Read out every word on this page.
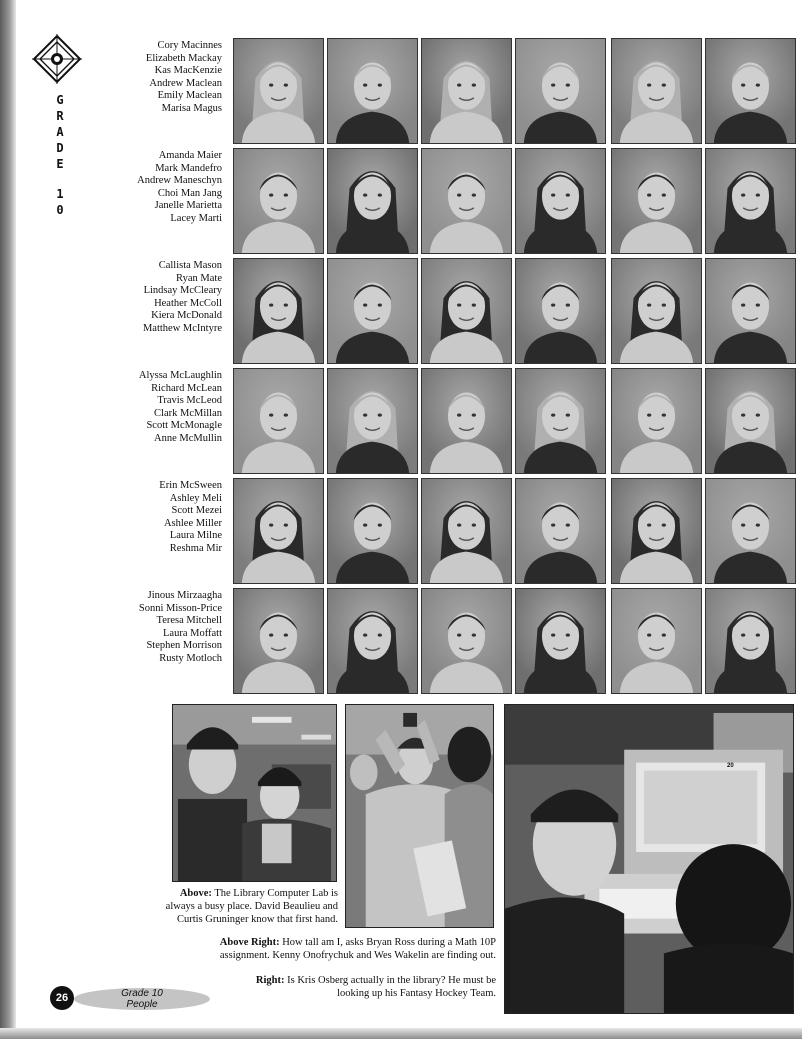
G
R
A
D
E
1
0
Cory Macinnes
Elizabeth Mackay
Kas MacKenzie
Andrew Maclean
Emily Maclean
Marisa Magus
Amanda Maier
Mark Mandefro
Andrew Maneschyn
Choi Man Jang
Janelle Marietta
Lacey Marti
Callista Mason
Ryan Mate
Lindsay McCleary
Heather McColl
Kiera McDonald
Matthew McIntyre
Alyssa McLaughlin
Richard McLean
Travis McLeod
Clark McMillan
Scott McMonagle
Anne McMullin
Erin McSween
Ashley Meli
Scott Mezei
Ashlee Miller
Laura Milne
Reshma Mir
Jinous Mirzaagha
Sonni Misson-Price
Teresa Mitchell
Laura Moffatt
Stephen Morrison
Rusty Motloch
20
Above: The Library Computer Lab is always a busy place. David Beaulieu and Curtis Gruninger know that first hand.
Above Right: How tall am I, asks Bryan Ross during a Math 10P assignment. Kenny Onofrychuk and Wes Wakelin are finding out.
Right: Is Kris Osberg actually in the library? He must be looking up his Fantasy Hockey Team.
Grade 10
People
26
